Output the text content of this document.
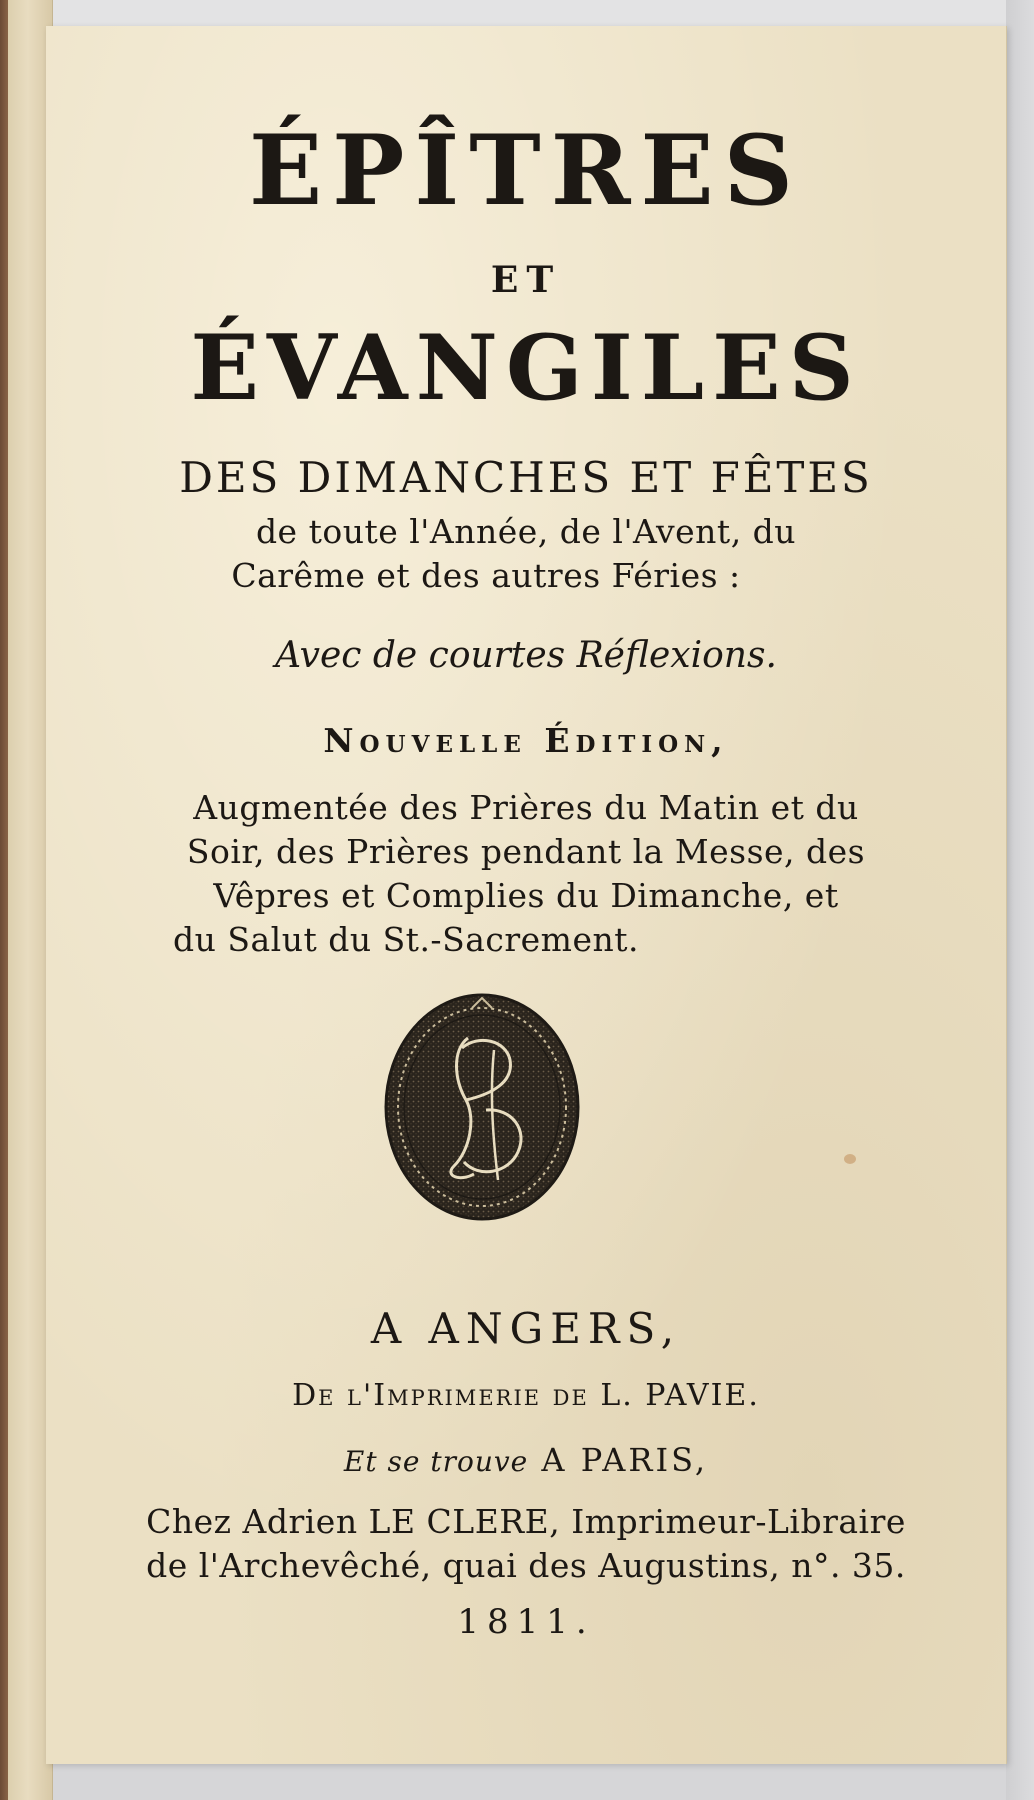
ÉPÎTRES

ET

ÉVANGILES

DES DIMANCHES ET FÊTES

de toute l'Année, de l'Avent, du

Carême et des autres Féries :

Avec de courtes Réflexions.

Nouvelle Édition,

Augmentée des Prières du Matin et du

Soir, des Prières pendant la Messe, des

Vêpres et Complies du Dimanche, et

du Salut du St.-Sacrement.

A ANGERS,

De l'Imprimerie de L. PAVIE.

Et se trouve A PARIS,

Chez Adrien LE CLERE, Imprimeur-Libraire

de l'Archevêché, quai des Augustins, n°. 35.

1811.
